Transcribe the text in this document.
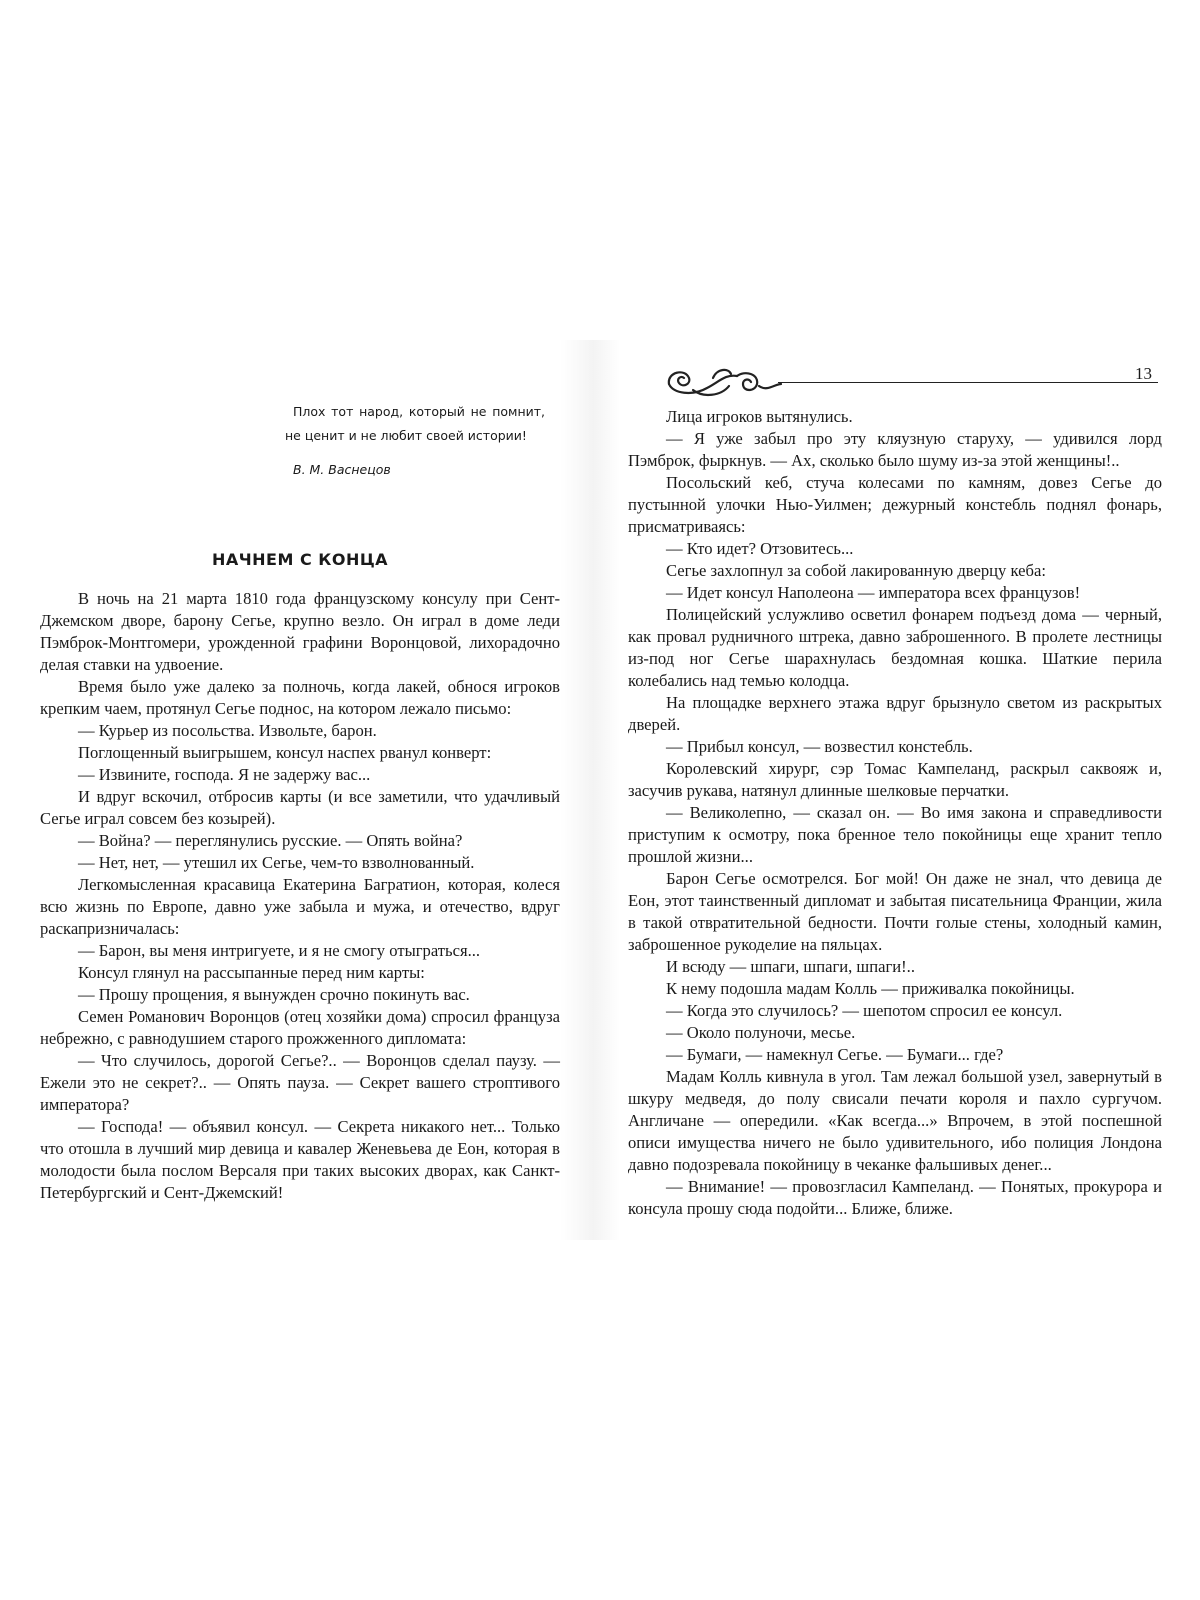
Плох тот народ, который не помнит, не ценит и не любит своей истории!
В. М. Васнецов
НАЧНЕМ С КОНЦА

В ночь на 21 марта 1810 года французскому консулу при Сент-Джемском дворе, барону Сегье, крупно везло. Он играл в доме леди Пэмброк-Монтгомери, урожденной графини Воронцовой, лихорадочно делая ставки на удвоение.

Время было уже далеко за полночь, когда лакей, обнося игроков крепким чаем, протянул Сегье поднос, на котором лежало письмо:

— Курьер из посольства. Извольте, барон.

Поглощенный выигрышем, консул наспех рванул конверт:

— Извините, господа. Я не задержу вас...

И вдруг вскочил, отбросив карты (и все заметили, что удачливый Сегье играл совсем без козырей).

— Война? — переглянулись русские. — Опять война?

— Нет, нет, — утешил их Сегье, чем-то взволнованный.

Легкомысленная красавица Екатерина Багратион, которая, колеся всю жизнь по Европе, давно уже забыла и мужа, и отечество, вдруг раскапризничалась:

— Барон, вы меня интригуете, и я не смогу отыграться...

Консул глянул на рассыпанные перед ним карты:

— Прошу прощения, я вынужден срочно покинуть вас.

Семен Романович Воронцов (отец хозяйки дома) спросил француза небрежно, с равнодушием старого прожженного дипломата:

— Что случилось, дорогой Сегье?.. — Воронцов сделал паузу. — Ежели это не секрет?.. — Опять пауза. — Секрет вашего строптивого императора?

— Господа! — объявил консул. — Секрета никакого нет... Только что отошла в лучший мир девица и кавалер Женевьева де Еон, которая в молодости была послом Версаля при таких высоких дворах, как Санкт-Петербургский и Сент-Джемский!

13

Лица игроков вытянулись.

— Я уже забыл про эту кляузную старуху, — удивился лорд Пэмброк, фыркнув. — Ах, сколько было шуму из-за этой женщины!..

Посольский кеб, стуча колесами по камням, довез Сегье до пустынной улочки Нью-Уилмен; дежурный констебль поднял фонарь, присматриваясь:

— Кто идет? Отзовитесь...

Сегье захлопнул за собой лакированную дверцу кеба:

— Идет консул Наполеона — императора всех французов!

Полицейский услужливо осветил фонарем подъезд дома — черный, как провал рудничного штрека, давно заброшенного. В пролете лестницы из-под ног Сегье шарахнулась бездомная кошка. Шаткие перила колебались над темью колодца.

На площадке верхнего этажа вдруг брызнуло светом из раскрытых дверей.

— Прибыл консул, — возвестил констебль.

Королевский хирург, сэр Томас Кампеланд, раскрыл саквояж и, засучив рукава, натянул длинные шелковые перчатки.

— Великолепно, — сказал он. — Во имя закона и справедливости приступим к осмотру, пока бренное тело покойницы еще хранит тепло прошлой жизни...

Барон Сегье осмотрелся. Бог мой! Он даже не знал, что девица де Еон, этот таинственный дипломат и забытая писательница Франции, жила в такой отвратительной бедности. Почти голые стены, холодный камин, заброшенное рукоделие на пяльцах.

И всюду — шпаги, шпаги, шпаги!..

К нему подошла мадам Колль — приживалка покойницы.

— Когда это случилось? — шепотом спросил ее консул.

— Около полуночи, месье.

— Бумаги, — намекнул Сегье. — Бумаги... где?

Мадам Колль кивнула в угол. Там лежал большой узел, завернутый в шкуру медведя, до полу свисали печати короля и пахло сургучом. Англичане — опередили. «Как всегда...» Впрочем, в этой поспешной описи имущества ничего не было удивительного, ибо полиция Лондона давно подозревала покойницу в чеканке фальшивых денег...

— Внимание! — провозгласил Кампеланд. — Понятых, прокурора и консула прошу сюда подойти... Ближе, ближе.
